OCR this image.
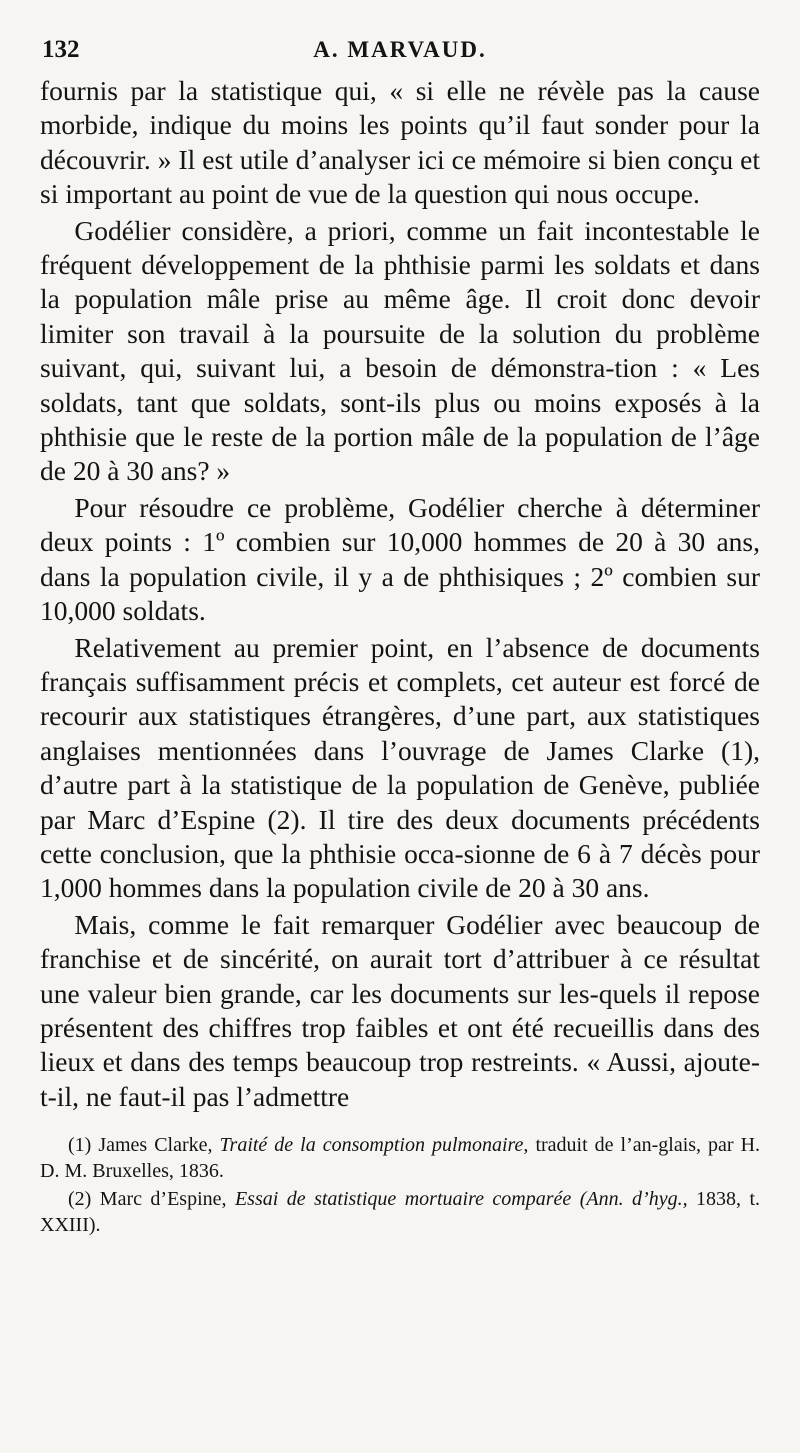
132	A. MARVAUD.

fournis par la statistique qui, « si elle ne révèle pas la cause morbide, indique du moins les points qu’il faut sonder pour la découvrir. » Il est utile d’analyser ici ce mémoire si bien conçu et si important au point de vue de la question qui nous occupe.

Godélier considère, a priori, comme un fait incontestable le fréquent développement de la phthisie parmi les soldats et dans la population mâle prise au même âge. Il croit donc devoir limiter son travail à la poursuite de la solution du problème suivant, qui, suivant lui, a besoin de démonstra-tion : « Les soldats, tant que soldats, sont-ils plus ou moins exposés à la phthisie que le reste de la portion mâle de la population de l’âge de 20 à 30 ans? »

Pour résoudre ce problème, Godélier cherche à déterminer deux points : 1º combien sur 10,000 hommes de 20 à 30 ans, dans la population civile, il y a de phthisiques ; 2º combien sur 10,000 soldats.

Relativement au premier point, en l’absence de documents français suffisamment précis et complets, cet auteur est forcé de recourir aux statistiques étrangères, d’une part, aux statistiques anglaises mentionnées dans l’ouvrage de James Clarke (1), d’autre part à la statistique de la population de Genève, publiée par Marc d’Espine (2). Il tire des deux documents précédents cette conclusion, que la phthisie occa-sionne de 6 à 7 décès pour 1,000 hommes dans la population civile de 20 à 30 ans.

Mais, comme le fait remarquer Godélier avec beaucoup de franchise et de sincérité, on aurait tort d’attribuer à ce résultat une valeur bien grande, car les documents sur les-quels il repose présentent des chiffres trop faibles et ont été recueillis dans des lieux et dans des temps beaucoup trop restreints. « Aussi, ajoute-t-il, ne faut-il pas l’admettre

(1) James Clarke, Traité de la consomption pulmonaire, traduit de l’an-glais, par H. D. M. Bruxelles, 1836.

(2) Marc d’Espine, Essai de statistique mortuaire comparée (Ann. d’hyg., 1838, t. XXIII).
